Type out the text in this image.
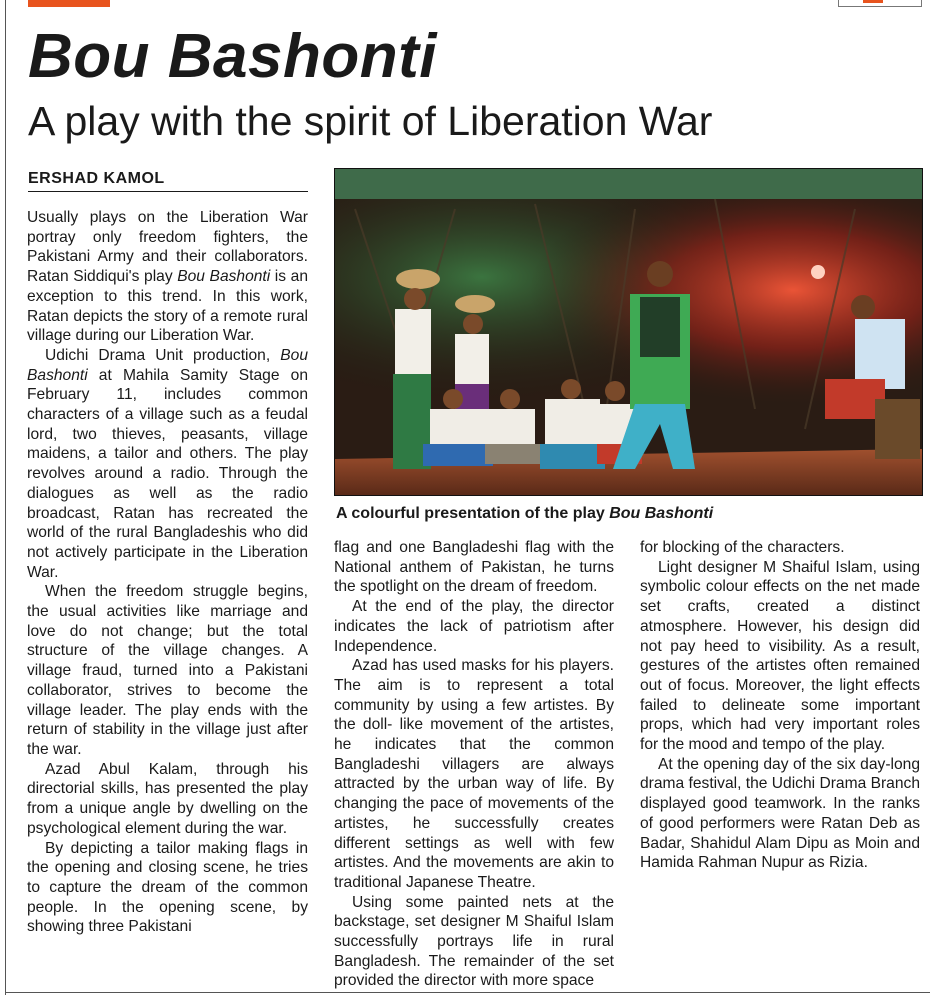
Bou Bashonti
A play with the spirit of Liberation War
ERSHAD KAMOL

Usually plays on the Liberation War portray only freedom fighters, the Pakistani Army and their collaborators. Ratan Siddiqui's play Bou Bashonti is an exception to this trend. In this work, Ratan depicts the story of a remote rural village during our Liberation War.

Udichi Drama Unit production, Bou Bashonti at Mahila Samity Stage on February 11, includes common characters of a village such as a feudal lord, two thieves, peasants, village maidens, a tailor and others. The play revolves around a radio. Through the dialogues as well as the radio broadcast, Ratan has recreated the world of the rural Bangladeshis who did not actively participate in the Liberation War.

When the freedom struggle begins, the usual activities like marriage and love do not change; but the total structure of the village changes. A village fraud, turned into a Pakistani collaborator, strives to become the village leader. The play ends with the return of stability in the village just after the war.

Azad Abul Kalam, through his directorial skills, has presented the play from a unique angle by dwelling on the psychological element during the war.

By depicting a tailor making flags in the opening and closing scene, he tries to capture the dream of the common people. In the opening scene, by showing three Pakistani

A colourful presentation of the play Bou Bashonti

flag and one Bangladeshi flag with the National anthem of Pakistan, he turns the spotlight on the dream of freedom.

At the end of the play, the director indicates the lack of patriotism after Independence.

Azad has used masks for his players. The aim is to represent a total community by using a few artistes. By the doll- like movement of the artistes, he indicates that the common Bangladeshi villagers are always attracted by the urban way of life. By changing the pace of movements of the artistes, he successfully creates different settings as well with few artistes. And the movements are akin to traditional Japanese Theatre.

Using some painted nets at the backstage, set designer M Shaiful Islam successfully portrays life in rural Bangladesh. The remainder of the set provided the director with more space

for blocking of the characters.

Light designer M Shaiful Islam, using symbolic colour effects on the net made set crafts, created a distinct atmosphere. However, his design did not pay heed to visibility. As a result, gestures of the artistes often remained out of focus. Moreover, the light effects failed to delineate some important props, which had very important roles for the mood and tempo of the play.

At the opening day of the six day-long drama festival, the Udichi Drama Branch displayed good teamwork. In the ranks of good performers were Ratan Deb as Badar, Shahidul Alam Dipu as Moin and Hamida Rahman Nupur as Rizia.
